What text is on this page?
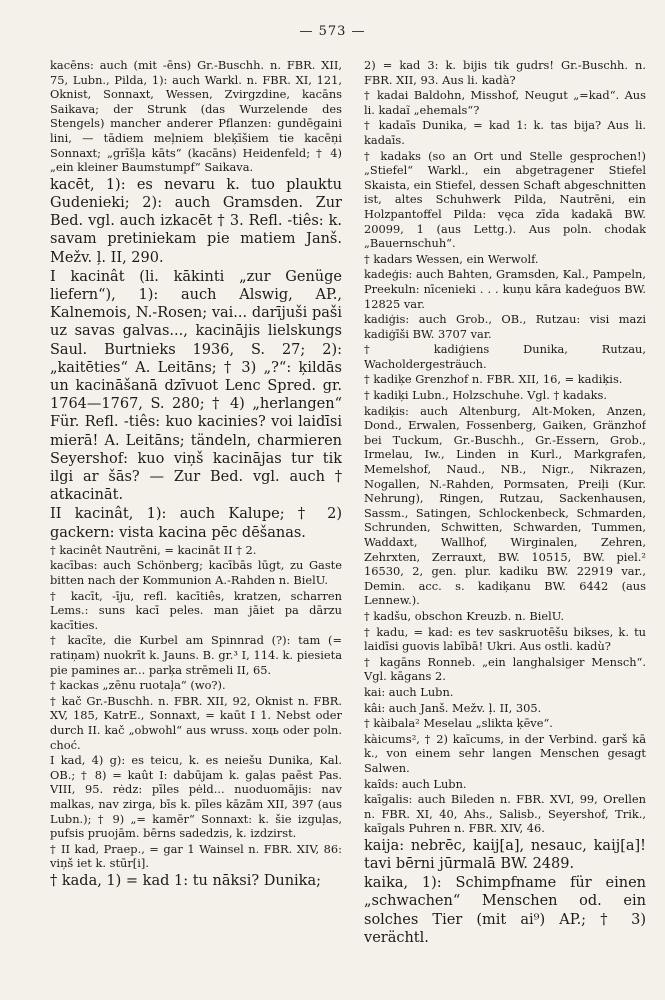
— 573 —

kacēns: auch (mit -ēns) Gr.-Buschh. n. FBR. XII, 75, Lubn., Pilda, 1): auch Warkl. n. FBR. XI, 121, Oknist, Sonnaxt, Wessen, Zvirgzdine, kacāns Saikava; der Strunk (das Wurzelende des Stengels) mancher anderer Pflanzen: gundēgaini lini, — tādiem meļniem bleķīšiem tie kacēņi Sonnaxt; „grīšļa kāts“ (kacāns) Heidenfeld; † 4) „ein kleiner Baumstumpf“ Saikava.

kacēt, 1): es nevaru k. tuo plauktu Gudenieki; 2): auch Gramsden. Zur Bed. vgl. auch izkacēt † 3. Refl. -tiês: k. savam pretiniekam pie matiem Janš. Mežv. ļ. II, 290.

I kacinât (li. kākinti „zur Genüge liefern“), 1): auch Alswig, AP., Kalnemois, N.-Rosen; vai... darījuši paši uz savas galvas..., kacinājis lielskungs Saul. Burtnieks 1936, S. 27; 2): „kaitēties“ A. Leitāns; † 3) „?“: ķildās un kacināšanā dzīvuot Lenc Spred. gr. 1764—1767, S. 280; † 4) „herlangen“ Für. Refl. -tiês: kuo kacinies? voi laidīsi mierā! A. Leitāns; tändeln, charmieren Seyershof: kuo viņš kacinājas tur tik ilgi ar šās? — Zur Bed. vgl. auch † atkacināt.

II kacinât, 1): auch Kalupe; † 2) gackern: vista kacina pēc dēšanas.

† kacinêt Nautrēni, = kacināt II † 2.

kacības: auch Schönberg; kacībās lūgt, zu Gaste bitten nach der Kommunion A.-Rahden n. BielU.

† kacīt, -īju, refl. kacītiês, kratzen, scharren Lems.: suns kacī peles. man jāiet pa dārzu kacīties.

† kacīte, die Kurbel am Spinnrad (?): tam (= ratiņam) nuokrīt k. Jauns. B. gr.³ I, 114. k. piesieta pie pamines ar... parķa strēmeli II, 65.

† kackas „zēnu ruotaļa“ (wo?).

† kač Gr.-Buschh. n. FBR. XII, 92, Oknist n. FBR. XV, 185, KatrE., Sonnaxt, = kaūt I 1. Nebst oder durch II. kač „obwohl“ aus wruss. хоць oder poln. choć.

I kad, 4) g): es teicu, k. es neiešu Dunika, Kal. OB.; † 8) = kaût I: dabūjam k. gaļas paēst Pas. VIII, 95. rėdz: pīles pėld... nuoduomājis: nav malkas, nav zirga, bīs k. pīles kāzām XII, 397 (aus Lubn.); † 9) „= kamēr“ Sonnaxt: k. šie izguļas, pufsis pruojām. bērns sadedzis, k. izdzirst.

† II kad, Praep., = gar 1 Wainsel n. FBR. XIV, 86: viņš iet k. stūr[i].

† kada, 1) = kad 1: tu nāksi? Dunika;

2) = kad 3: k. bijis tik gudrs! Gr.-Buschh. n. FBR. XII, 93. Aus li. kadà?

† kadai Baldohn, Misshof, Neugut „=kad“. Aus li. kadaĩ „ehemals“?

† kadaīs Dunika, = kad 1: k. tas bija? Aus li. kadaīs.

† kadaks (so an Ort und Stelle gesprochen!) „Stiefel“ Warkl., ein abgetragener Stiefel Skaista, ein Stiefel, dessen Schaft abgeschnitten ist, altes Schuhwerk Pilda, Nautrēni, ein Holzpantoffel Pilda: vęca zīda kadakā BW. 20099, 1 (aus Lettg.). Aus poln. chodak „Bauernschuh“.

† kadars Wessen, ein Werwolf.

kadeģis: auch Bahten, Gramsden, Kal., Pampeln, Preekuln: nīcenieki . . . kuņu kāra kadeģuos BW. 12825 var.

kadiģis: auch Grob., OB., Rutzau: visi mazi kadiģīši BW. 3707 var.

† kadiģiens Dunika, Rutzau, Wacholdergesträuch.

† kadiķe Grenzhof n. FBR. XII, 16, = kadiķis.

† kadiķi Lubn., Holzschuhe. Vgl. † kadaks.

kadiķis: auch Altenburg, Alt-Moken, Anzen, Dond., Erwalen, Fossenberg, Gaiken, Gränzhof bei Tuckum, Gr.-Buschh., Gr.-Essern, Grob., Irmelau, Iw., Linden in Kurl., Markgrafen, Memelshof, Naud., NB., Nigr., Nikrazen, Nogallen, N.-Rahden, Pormsaten, Preiļi (Kur. Nehrung), Ringen, Rutzau, Sackenhausen, Sassm., Satingen, Schlockenbeck, Schmarden, Schrunden, Schwitten, Schwarden, Tummen, Waddaxt, Wallhof, Wirginalen, Zehren, Zehrxten, Zerrauxt, BW. 10515, BW. piel.² 16530, 2, gen. plur. kadiku BW. 22919 var., Demin. acc. s. kadiķanu BW. 6442 (aus Lennew.).

† kadšu, obschon Kreuzb. n. BielU.

† kadu, = kad: es tev saskruotēšu bikses, k. tu laidīsi guovis labībā! Ukri. Aus ostli. kadù?

† kagāns Ronneb. „ein langhalsiger Mensch“. Vgl. kāgans 2.

kai: auch Lubn.

kâi: auch Janš. Mežv. ļ. II, 305.

† kàibala² Meselau „slikta ķēve“.

kàicums², † 2) kaīcums, in der Verbind. garš kā k., von einem sehr langen Menschen gesagt Salwen.

kaîds: auch Lubn.

kaīgalis: auch Bileden n. FBR. XVI, 99, Orellen n. FBR. XI, 40, Ahs., Salisb., Seyershof, Trik., kaīgals Puhren n. FBR. XIV, 46.

kaija: nebrēc, kaij[a], nesauc, kaij[a]! tavi bērni jūrmalā BW. 2489.

kaika, 1): Schimpfname für einen „schwachen“ Menschen od. ein solches Tier (mit ai⁹) AP.; † 3) verächtl.
